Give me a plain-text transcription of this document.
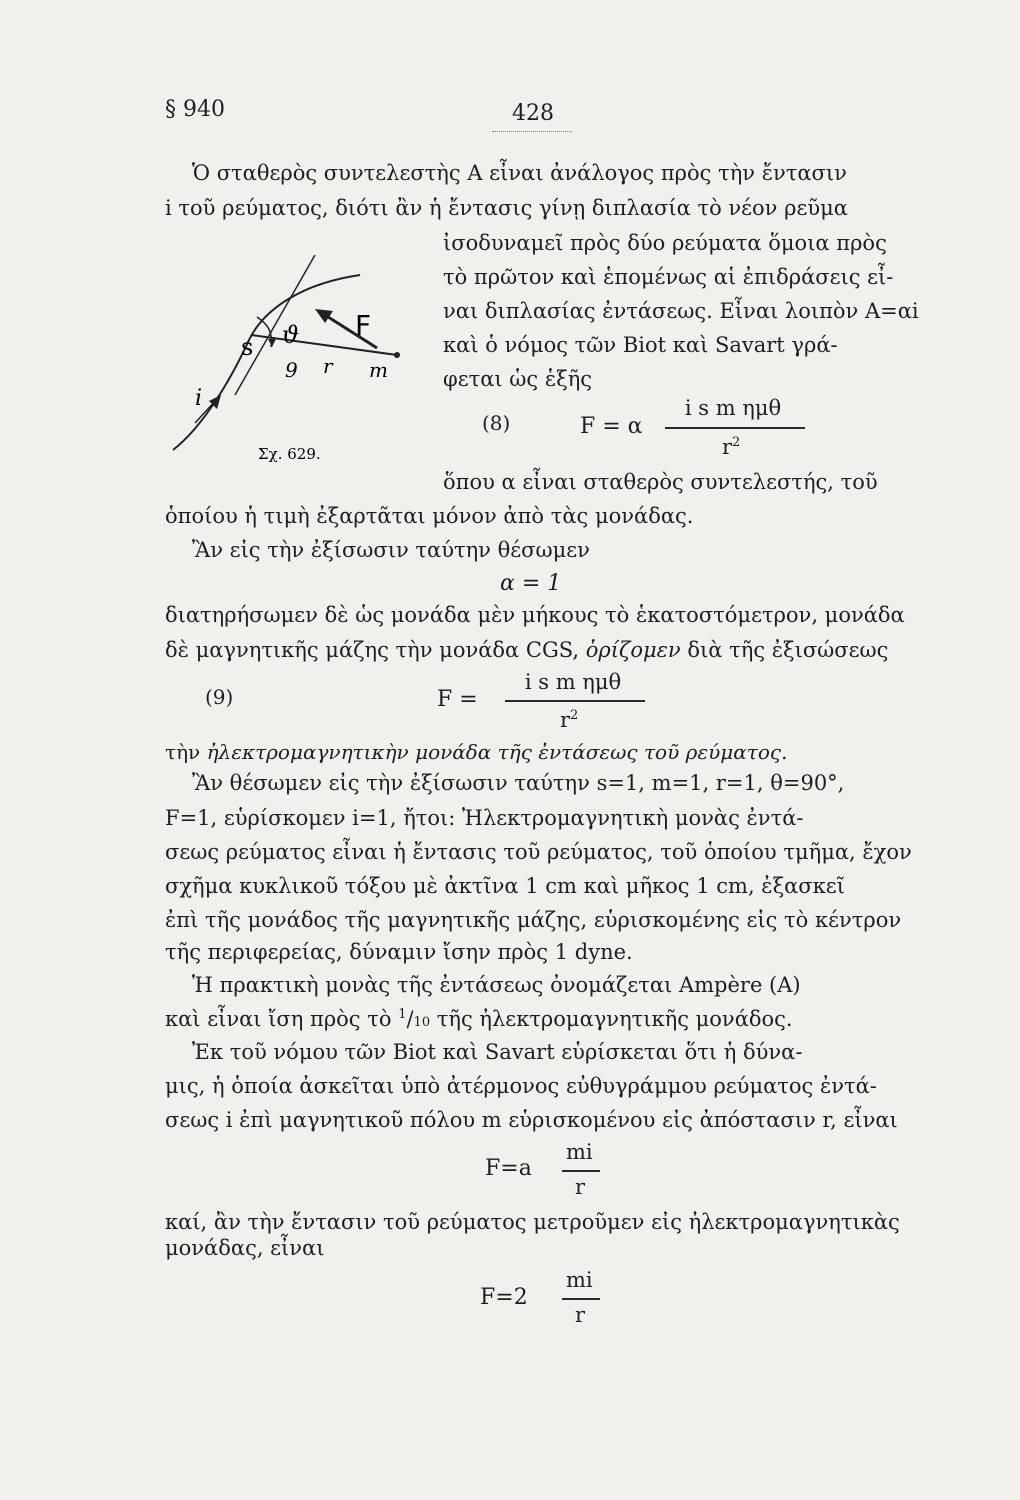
§ 940	428
Ὁ σταθερὸς συντελεστὴς A εἶναι ἀνάλογος πρὸς τὴν ἔντασιν
i τοῦ ρεύματος, διότι ἂν ἡ ἔντασις γίνῃ διπλασία τὸ νέον ρεῦμα
ἰσοδυναμεῖ πρὸς δύο ρεύματα ὅμοια πρὸς
τὸ πρῶτον καὶ ἑπομένως αἱ ἐπιδράσεις εἶ-
ναι διπλασίας ἐντάσεως. Εἶναι λοιπὸν A=αi
καὶ ὁ νόμος τῶν Biot καὶ Savart γρά-
φεται ὡς ἑξῆς
s ϑ
9 r
F
m
i
Σχ. 629.
(8)	F = α
i s m ημθ
$r^2$
ὅπου α εἶναι σταθερὸς συντελεστής, τοῦ
ὁποίου ἡ τιμὴ ἐξαρτᾶται μόνον ἀπὸ τὰς μονάδας.
Ἂν εἰς τὴν ἐξίσωσιν ταύτην θέσωμεν
α = 1
διατηρήσωμεν δὲ ὡς μονάδα μὲν μήκους τὸ ἑκατοστόμετρον, μονάδα
δὲ μαγνητικῆς μάζης τὴν μονάδα CGS, ὁρίζομεν διὰ τῆς ἐξισώσεως
(9)	F =
i s m ημθ
$r^2$
τὴν ἠλεκτρομαγνητικὴν μονάδα τῆς ἐντάσεως τοῦ ρεύματος.
Ἂν θέσωμεν εἰς τὴν ἐξίσωσιν ταύτην s=1, m=1, r=1, θ=90°,
F=1, εὑρίσκομεν i=1, ἤτοι: Ἠλεκτρομαγνητικὴ μονὰς ἐντά-
σεως ρεύματος εἶναι ἡ ἔντασις τοῦ ρεύματος, τοῦ ὁποίου τμῆμα, ἔχον
σχῆμα κυκλικοῦ τόξου μὲ ἀκτῖνα 1 cm καὶ μῆκος 1 cm, ἐξασκεῖ
ἐπὶ τῆς μονάδος τῆς μαγνητικῆς μάζης, εὑρισκομένης εἰς τὸ κέντρον
τῆς περιφερείας, δύναμιν ἴσην πρὸς 1 dyne.
Ἡ πρακτικὴ μονὰς τῆς ἐντάσεως ὀνομάζεται Ampère (A)
καὶ εἶναι ἴση πρὸς τὸ $^1$/10 τῆς ἠλεκτρομαγνητικῆς μονάδος.
Ἐκ τοῦ νόμου τῶν Biot καὶ Savart εὑρίσκεται ὅτι ἡ δύνα-
μις, ἡ ὁποία ἀσκεῖται ὑπὸ ἀτέρμονος εὐθυγράμμου ρεύματος ἐντά-
σεως i ἐπὶ μαγνητικοῦ πόλου m εὑρισκομένου εἰς ἀπόστασιν r, εἶναι
F=a
mi
r
καί, ἂν τὴν ἔντασιν τοῦ ρεύματος μετροῦμεν εἰς ἠλεκτρομαγνητικὰς
μονάδας, εἶναι
F=2
mi
r
